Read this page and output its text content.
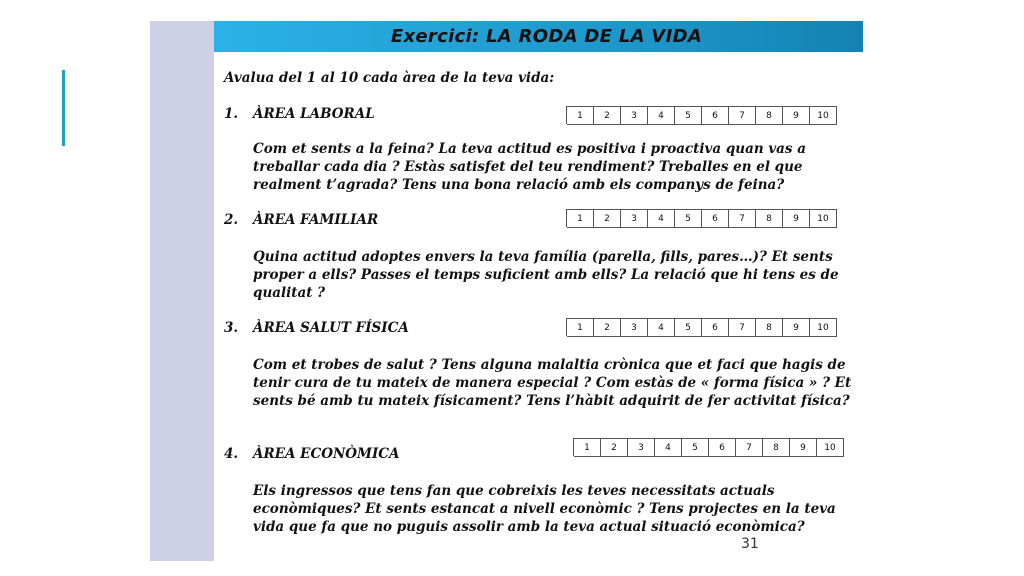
Exercici: LA RODA DE LA VIDA
Avalua del 1 al 10 cada àrea de la teva vida:
1. ÀREA LABORAL	1	2	3	4	5	6	7	8	9	10

Com et sents a la feina? La teva actitud es positiva i proactiva quan vas a treballar cada dia ? Estàs satisfet del teu rendiment? Treballes en el que realment t’agrada? Tens una bona relació amb els companys de feina?

2. ÀREA FAMILIAR	1	2	3	4	5	6	7	8	9	10

Quina actitud adoptes envers la teva família (parella, fills, pares…)? Et sents proper a ells? Passes el temps suficient amb ells? La relació que hi tens es de qualitat ?

3. ÀREA SALUT FÍSICA	1	2	3	4	5	6	7	8	9	10

Com et trobes de salut ? Tens alguna malaltia crònica que et faci que hagis de tenir cura de tu mateix de manera especial ? Com estàs de « forma física » ? Et sents bé amb tu mateix físicament? Tens l’hàbit adquirit de fer activitat física?

4. ÀREA ECONÒMICA	1	2	3	4	5	6	7	8	9	10

Els ingressos que tens fan que cobreixis les teves necessitats actuals econòmiques? Et sents estancat a nivell econòmic ? Tens projectes en la teva vida que fa que no puguis assolir amb la teva actual situació econòmica?

31
